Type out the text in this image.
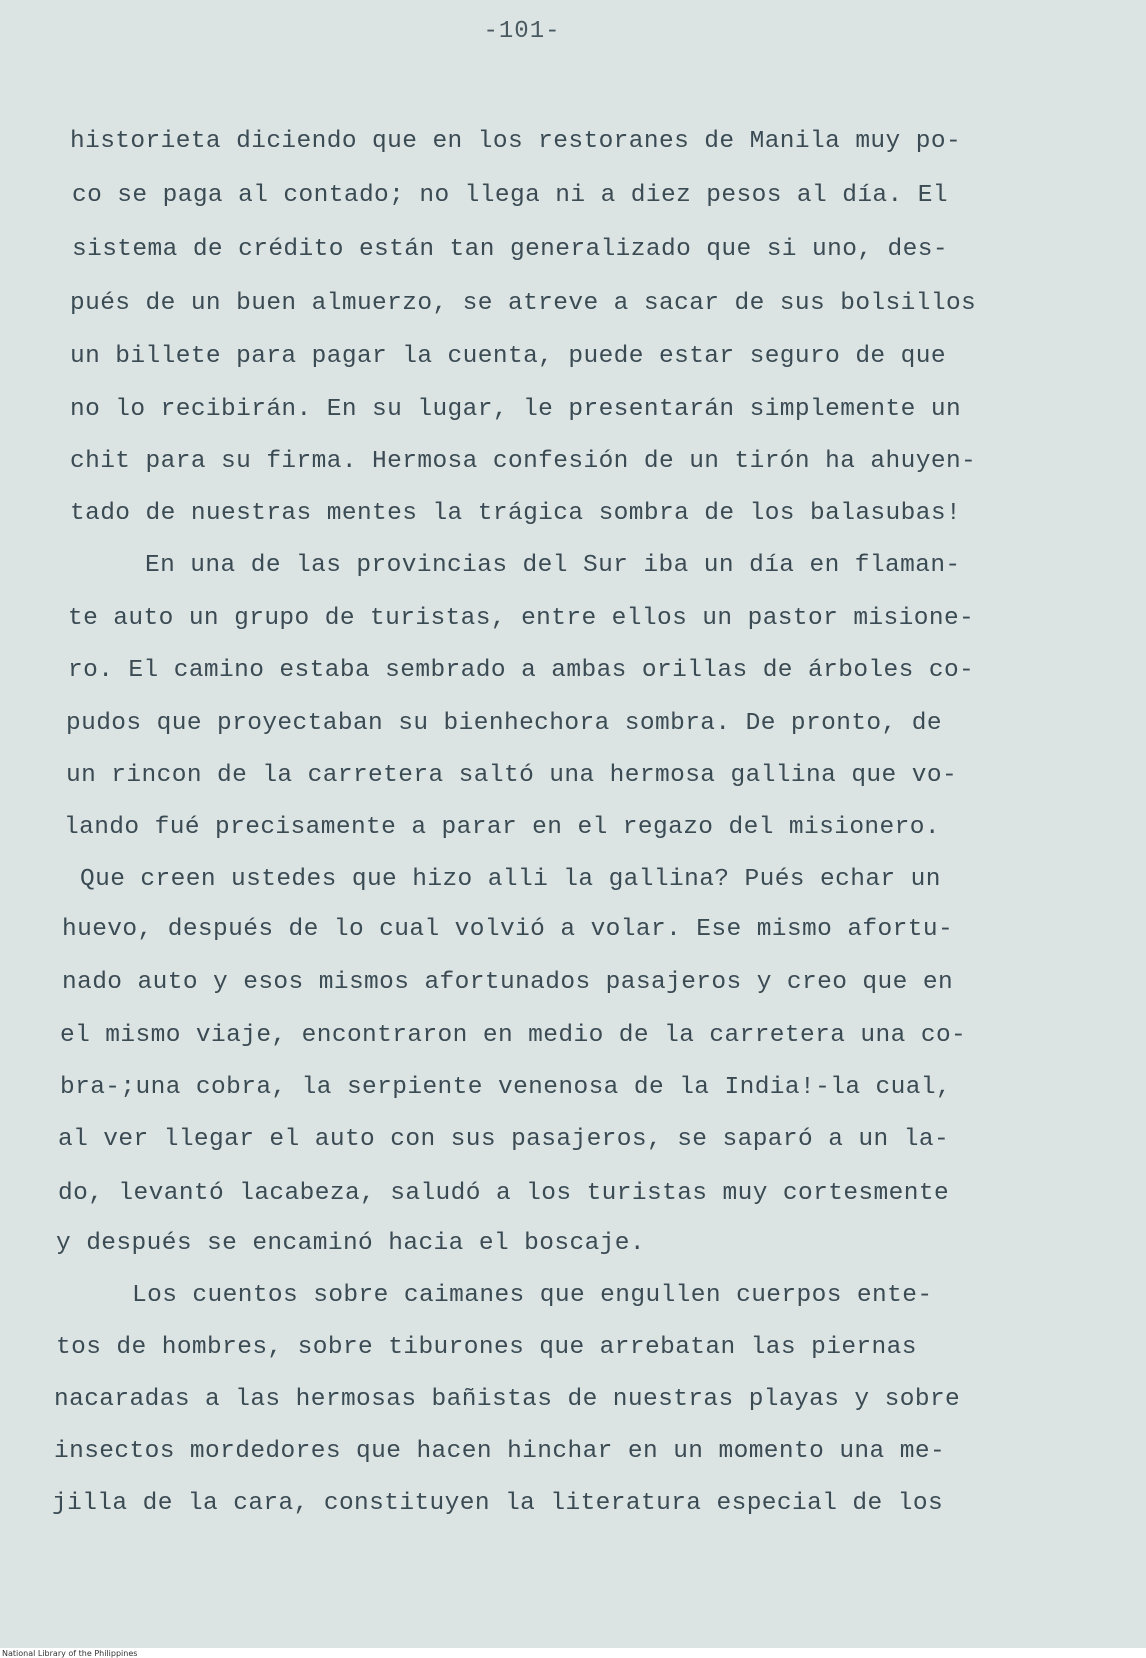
-101-

historieta diciendo que en los restoranes de Manila muy po-

co se paga al contado; no llega ni a diez pesos al día. El

sistema de crédito están tan generalizado que si uno, des-

pués de un buen almuerzo, se atreve a sacar de sus bolsillos

un billete para pagar la cuenta, puede estar seguro de que

no lo recibirán. En su lugar, le presentarán simplemente un

chit para su firma. Hermosa confesión de un tirón ha ahuyen-

tado de nuestras mentes la trágica sombra de los balasubas!

En una de las provincias del Sur iba un día en flaman-

te auto un grupo de turistas, entre ellos un pastor misione-

ro. El camino estaba sembrado a ambas orillas de árboles co-

pudos que proyectaban su bienhechora sombra. De pronto, de

un rincon de la carretera saltó una hermosa gallina que vo-

lando fué precisamente a parar en el regazo del misionero.

Que creen ustedes que hizo alli la gallina? Pués echar un

huevo, después de lo cual volvió a volar. Ese mismo afortu-

nado auto y esos mismos afortunados pasajeros y creo que en

el mismo viaje, encontraron en medio de la carretera una co-

bra-;una cobra, la serpiente venenosa de la India!-la cual,

al ver llegar el auto con sus pasajeros, se saparó a un la-

do, levantó lacabeza, saludó a los turistas muy cortesmente

y después se encaminó hacia el boscaje.

Los cuentos sobre caimanes que engullen cuerpos ente-

tos de hombres, sobre tiburones que arrebatan las piernas

nacaradas a las hermosas bañistas de nuestras playas y sobre

insectos mordedores que hacen hinchar en un momento una me-

jilla de la cara, constituyen la literatura especial de los

National Library of the Philippines
